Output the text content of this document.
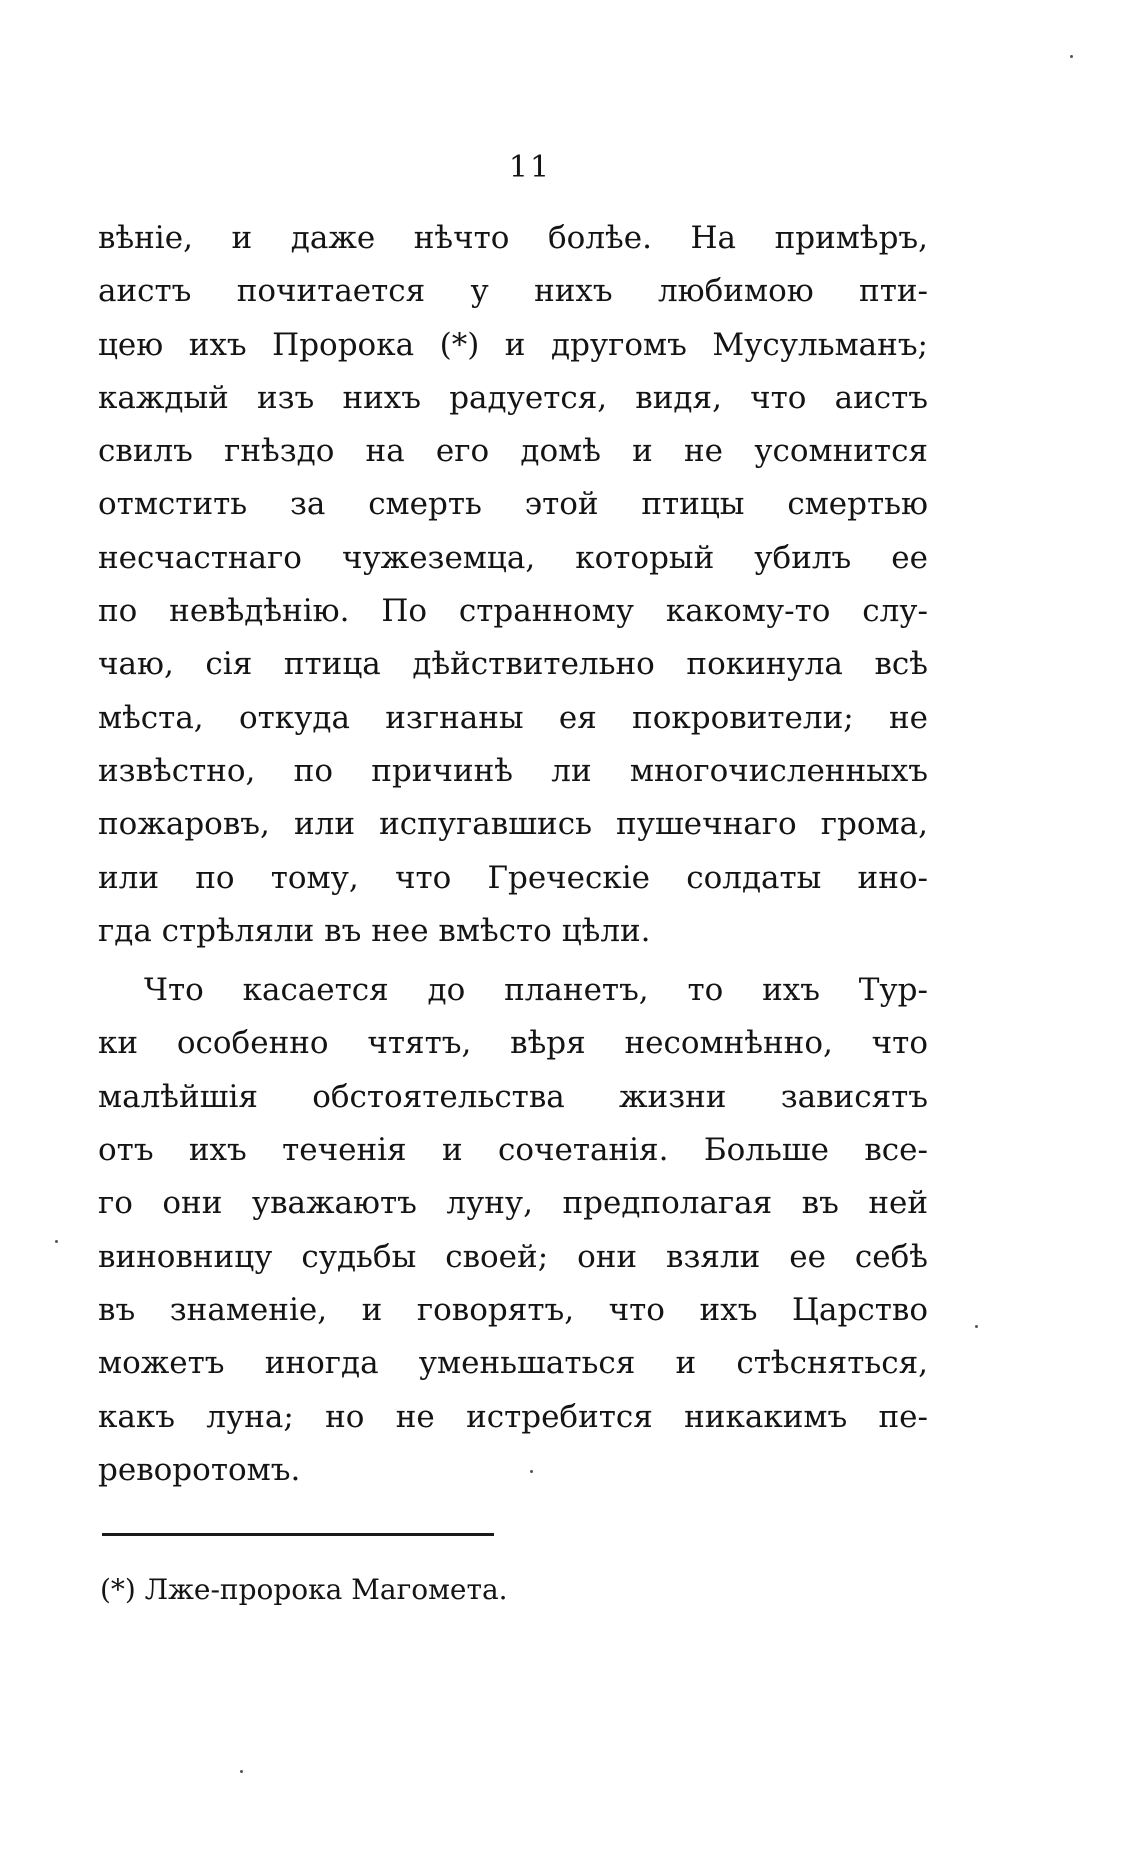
11
вѣніе, и даже нѣчто болѣе. На примѣръ,
аистъ почитается у нихъ любимою пти-
цею ихъ Пророка (*) и другомъ Мусульманъ;
каждый изъ нихъ радуется, видя, что аистъ
свилъ гнѣздо на его домѣ и не усомнится
отмстить за смерть этой птицы смертью
несчастнаго чужеземца, который убилъ ее
по невѣдѣнію. По странному какому-то слу-
чаю, сія птица дѣйствительно покинула всѣ
мѣста, откуда изгнаны ея покровители; не
извѣстно, по причинѣ ли многочисленныхъ
пожаровъ, или испугавшись пушечнаго грома,
или по тому, что Греческіе солдаты ино-
гда стрѣляли въ нее вмѣсто цѣли.
Что касается до планетъ, то ихъ Тур-
ки особенно чтятъ, вѣря несомнѣнно, что
малѣйшія обстоятельства жизни зависятъ
отъ ихъ теченія и сочетанія. Больше все-
го они уважаютъ луну, предполагая въ ней
виновницу судьбы своей; они взяли ее себѣ
въ знаменіе, и говорятъ, что ихъ Царство
можетъ иногда уменьшаться и стѣсняться,
какъ луна; но не истребится никакимъ пе-
реворотомъ.
(*) Лже-пророка Магомета.
